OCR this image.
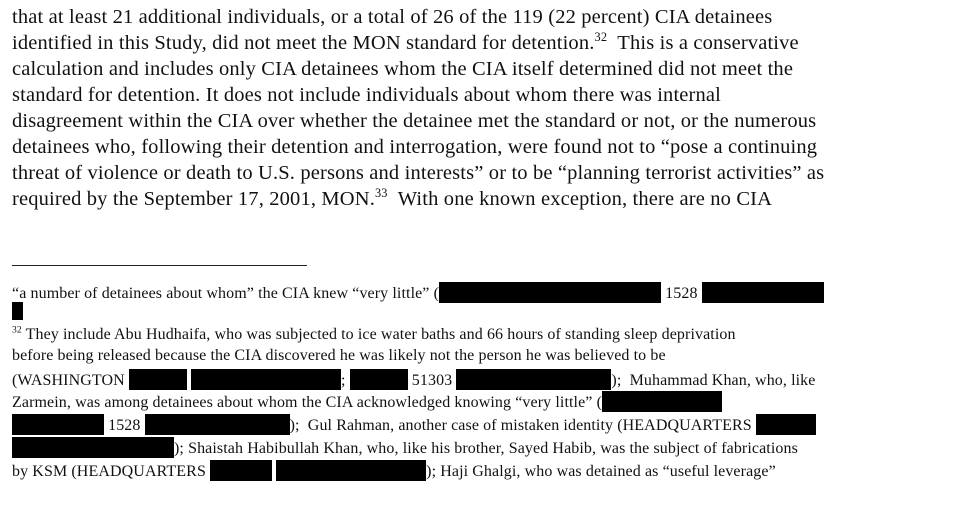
that at least 21 additional individuals, or a total of 26 of the 119 (22 percent) CIA detainees
identified in this Study, did not meet the MON standard for detention.$^{32}$  This is a conservative
calculation and includes only CIA detainees whom the CIA itself determined did not meet the
standard for detention. It does not include individuals about whom there was internal
disagreement within the CIA over whether the detainee met the standard or not, or the numerous
detainees who, following their detention and interrogation, were found not to “pose a continuing
threat of violence or death to U.S. persons and interests” or to be “planning terrorist activities” as
required by the September 17, 2001, MON.$^{33}$  With one known exception, there are no CIA
“a number of detainees about whom” the CIA knew “very little” (	1528
$^{32}$ They include Abu Hudhaifa, who was subjected to ice water baths and 66 hours of standing sleep deprivation
before being released because the CIA discovered he was likely not the person he was believed to be
(WASHINGTON	;	51303	);  Muhammad Khan, who, like
Zarmein, was among detainees about whom the CIA acknowledged knowing “very little” (
1528	);  Gul Rahman, another case of mistaken identity (HEADQUARTERS
); Shaistah Habibullah Khan, who, like his brother, Sayed Habib, was the subject of fabrications
by KSM (HEADQUARTERS	); Haji Ghalgi, who was detained as “useful leverage”
